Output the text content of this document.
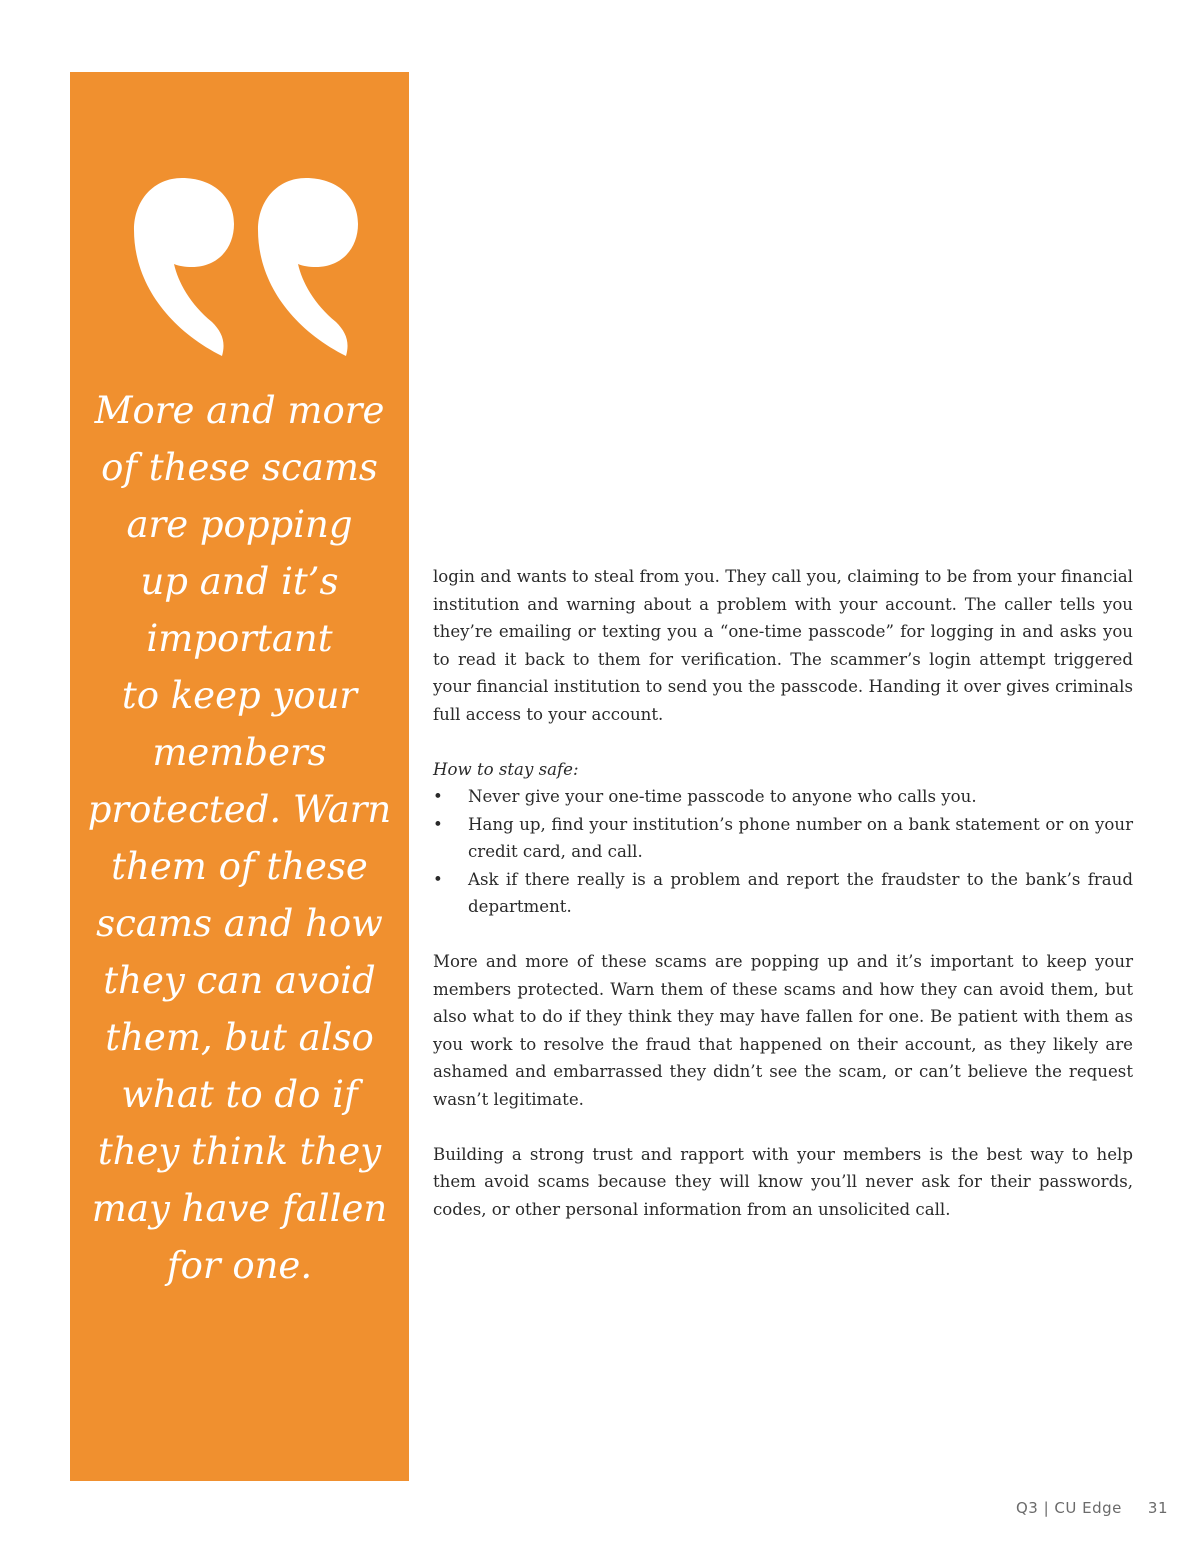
More and more
of these scams
are popping
up and it’s
important
to keep your
members
protected. Warn
them of these
scams and how
they can avoid
them, but also
what to do if
they think they
may have fallen
for one.

login and wants to steal from you. They call you, claiming to be from your financial institution and warning about a problem with your account. The caller tells you they’re emailing or texting you a “one-time passcode” for logging in and asks you to read it back to them for verification. The scammer’s login attempt triggered your financial institution to send you the passcode. Handing it over gives criminals full access to your account.

How to stay safe:

• Never give your one-time passcode to anyone who calls you.
• Hang up, find your institution’s phone number on a bank statement or on your credit card, and call.
• Ask if there really is a problem and report the fraudster to the bank’s fraud department.

More and more of these scams are popping up and it’s important to keep your members protected. Warn them of these scams and how they can avoid them, but also what to do if they think they may have fallen for one. Be patient with them as you work to resolve the fraud that happened on their account, as they likely are ashamed and embarrassed they didn’t see the scam, or can’t believe the request wasn’t legitimate.

Building a strong trust and rapport with your members is the best way to help them avoid scams because they will know you’ll never ask for their passwords, codes, or other personal information from an unsolicited call.

Q3 | CU Edge 31
